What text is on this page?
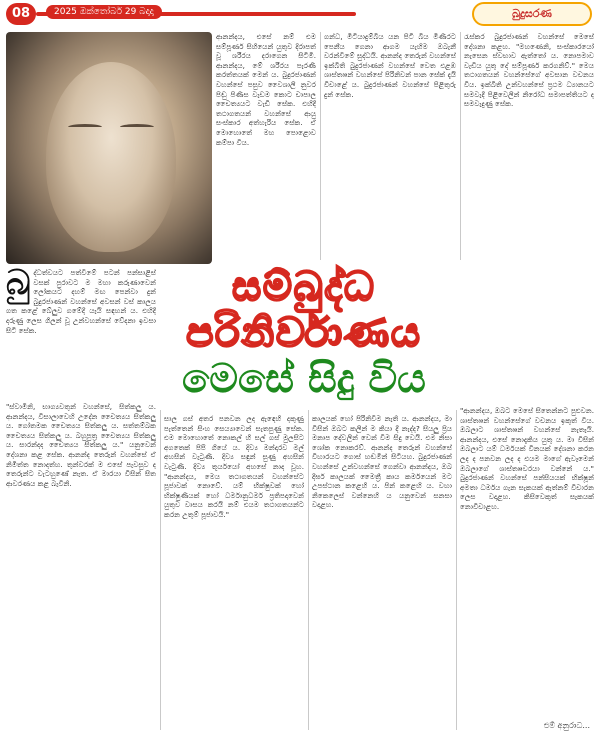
08	2025 ඔක්තෝබර් 29 බදාදා	බුදුසරණ

ආනන්දය, එසේ නම් එම සම්පූර්ණ සිහියෙන් යුතුව දිරාපත් වූ ශරීරය දරාගෙන සිටිමි. ආනන්දය, මේ ශරීරය පැරණි කරත්තයක් මෙන් ය. බුදුරජාණන් වහන්සේ පසුව වෛශාලි නුවර පිඬු පිණිස වැඩම කොට චාපාල චෛත්‍යයට වැඩි සේක. එහිදී තථාගතයන් වහන්සේ ආයු සංස්කාර අත්හැරිය සේක. ඒ මොහොතේ මහ පොළොව කම්පා විය.

ගන්ධ, මිටියාදුම්බිය යන පිටි බිය මිණීරට පෙනීය ගෙනා ආගම යැහිම ඔබැනී වරන්වීමේ සුද්ධයි. ආනන්ද තෙරුන් වහන්සේ ඉක්බිති බුදුරජාණන් වහන්සේ වෙත එළඹ ශාස්තෲන් වහන්සේ පිරිනිවන් පාන සේක් දැයි විචාළේ ය. බුදුරජාණන් වහන්සේ පිළිතුරු දුන් සේක.

රැස්කර බුදුරජාණන් වහන්සේ මෙසේ දේශනා කළහ. "මහණෙනි, සංස්කාරයෝ නැසෙන ස්වභාව ඇත්තෝ ය. නොපමාව වැඩිය යුතු දේ සම්පූර්ණ කරගනිව්." මෙය තථාගතයන් වහන්සේගේ අවසාන වචනය විය. ඉක්බිති උන්වහන්සේ ප්‍රථම ධ්‍යානයට සමවැදී පිළිවෙලින් නිරෝධ සමාපත්තියට ද සමවැදුණු සේක.

සම්බුද්ධ
පරිනිර්වාණය
මෙසේ සිදු විය
බු ද්ධත්වයට පත්වීමේ පටන් පන්සාළිස් වසක් පුරාවට ම මහා කරුණාවෙන් ලෝකයට දහම් මඟ පෙන්වා දුන් බුදුරජාණන් වහන්සේ අවසන් වස් කාලය ගත කළේ බේලුව ගමේදී යැයි සඳහන් ය. එහිදී දරුණු ලෙස ගිලන් වූ උන්වහන්සේ වේදනා ඉවසා සිටි සේක.

"ස්වාමීනි, භාග්‍යවතුන් වහන්සේ, සිත්කලු ය. ආනන්දය, විසාලාවෙහි උදේන චෛත්‍යය සිත්කලු ය. ගෝතමක චෛත්‍යය සිත්කලු ය. සත්තම්බක චෛත්‍යය සිත්කලු ය. බහුපුත්‍ර චෛත්‍යය සිත්කලු ය. සාරන්දද චෛත්‍යය සිත්කලු ය." යනුවෙන් දේශනා කළ සේක. ආනන්ද තෙරුන් වහන්සේ ඒ නිමිත්ත නොදත්හ. තුන්වරක් ම එසේ පැවසුව ද තෙරුන්ට වැටහුණේ නැත. ඒ මාරයා විසින් සිත ආවරණය කළ බැවිනි.

සාල ගස් අතර පනවන ලද ඇඳෙහි දකුණු පැත්තෙන් සිංහ සෙය්‍යාවෙන් සැතපුණු සේක. එම මොහොතේ නොකල් හි සල් ගස් මුලසිට අගතෙක් පිපී ගියේ ය. දිව්‍ය මන්දාරව මල් අහසින් වැටුණි. දිව්‍ය සඳුන් සුණු අහසින් වැටුණි. දිව්‍ය තූර්යයෝ අහසේ නාද වූහ. "ආනන්දය, මෙය තථාගතයන් වහන්සේට පූජාවක් නොවේ. යම් භික්ෂුවක් හෝ භික්ෂුණියක් හෝ ධර්මානුධර්ම ප්‍රතිපදාවෙන් යුතුව වාසය කරයි නම් එයම තථාගතයන්ට කරන උතුම් පූජාවයි."

කාලයක් හෝ පිරිනිවීම නැති ය. ආනන්දය, මා විසින් ඔබට කලින් ම කියා දී නැද්ද? සියලු ප්‍රිය මනාප දේවලින් වෙන් වීම සිදු වෙයි. එම නිසා ශෝක නොකරව්. ආනන්ද තෙරුන් වහන්සේ විහාරයට ගොස් හඬමින් සිටියහ. බුදුරජාණන් වහන්සේ උන්වහන්සේ ගෙන්වා ආනන්දය, ඔබ දීර්ඝ කාලයක් මෛත්‍රී කාය කර්මයෙන් මට උපස්ථාන කළෙහි ය. පින් කළෙහි ය. වහා නිකෙලෙස් වන්නෙහි ය යනුවෙන් සනසා වදාළහ.

"ආනන්දය, ඔබට මෙසේ සිතෙන්නට පුළුවන. ශාස්තෲන් වහන්සේගේ වචනය ඉකුත් විය. ඔබලාට ශාස්තෲන් වහන්සේ නැතැයි. ආනන්දය, එසේ නොදැකිය යුතු ය. මා විසින් ඔබලාට යම් ධර්මයක් විනයක් දේශනා කරන ලද ද පනවන ලද ද එයම මාගේ ඇවෑමෙන් ඔබලාගේ ශාස්තෲවරයා වන්නේ ය." බුදුරජාණන් වහන්සේ පන්සියයක් භික්ෂූන් අමතා ධර්මය ගැන සැකයක් ඇත්නම් විචාරන ලෙස වදාළහ. කිසිවෙකුත් සැකයක් නොවිචාළහ.

එම් අනුරාධ...
